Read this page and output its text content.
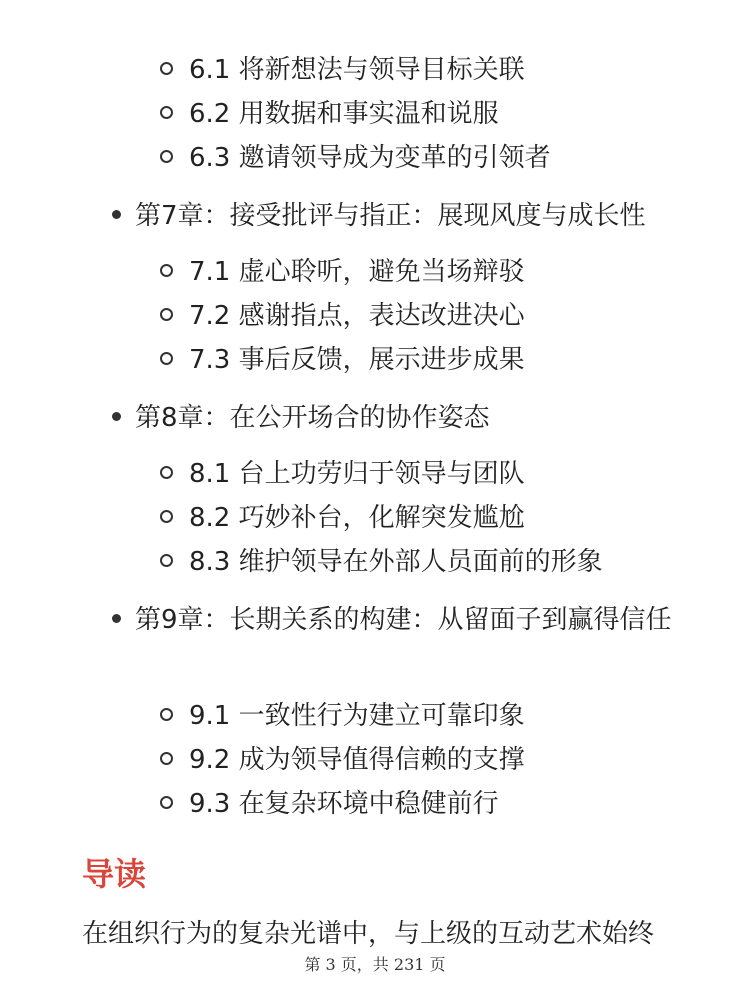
6.1 将新想法与领导目标关联
6.2 用数据和事实温和说服
6.3 邀请领导成为变革的引领者
第7章：接受批评与指正：展现风度与成长性
7.1 虚心聆听，避免当场辩驳
7.2 感谢指点，表达改进决心
7.3 事后反馈，展示进步成果
第8章：在公开场合的协作姿态
8.1 台上功劳归于领导与团队
8.2 巧妙补台，化解突发尴尬
8.3 维护领导在外部人员面前的形象
第9章：长期关系的构建：从留面子到赢得信任
9.1 一致性行为建立可靠印象
9.2 成为领导值得信赖的支撑
9.3 在复杂环境中稳健前行
导读
在组织行为的复杂光谱中，与上级的互动艺术始终
第 3 页，共 231 页
